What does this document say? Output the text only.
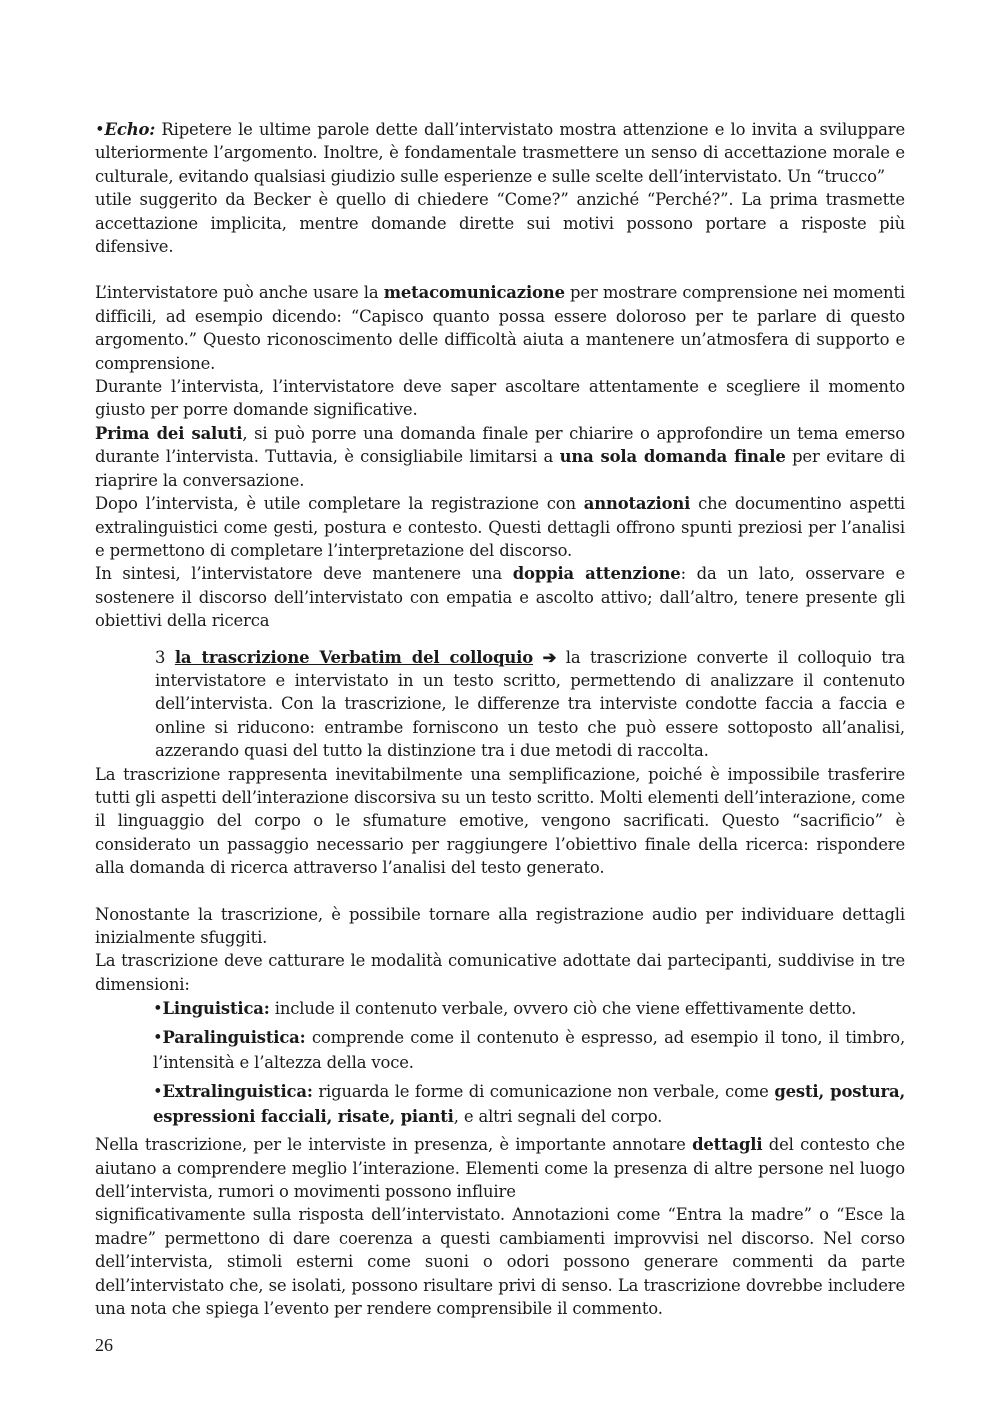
•Echo: Ripetere le ultime parole dette dall’intervistato mostra attenzione e lo invita a sviluppare ulteriormente l’argomento. Inoltre, è fondamentale trasmettere un senso di accettazione morale e culturale, evitando qualsiasi giudizio sulle esperienze e sulle scelte dell’intervistato. Un “trucco”

utile suggerito da Becker è quello di chiedere “Come?” anziché “Perché?”. La prima trasmette accettazione implicita, mentre domande dirette sui motivi possono portare a risposte più difensive.

L’intervistatore può anche usare la metacomunicazione per mostrare comprensione nei momenti difficili, ad esempio dicendo: “Capisco quanto possa essere doloroso per te parlare di questo argomento.” Questo riconoscimento delle difficoltà aiuta a mantenere un’atmosfera di supporto e comprensione.

Durante l’intervista, l’intervistatore deve saper ascoltare attentamente e scegliere il momento giusto per porre domande significative.

Prima dei saluti, si può porre una domanda finale per chiarire o approfondire un tema emerso durante l’intervista. Tuttavia, è consigliabile limitarsi a una sola domanda finale per evitare di riaprire la conversazione.

Dopo l’intervista, è utile completare la registrazione con annotazioni che documentino aspetti extralinguistici come gesti, postura e contesto. Questi dettagli offrono spunti preziosi per l’analisi e permettono di completare l’interpretazione del discorso.

In sintesi, l’intervistatore deve mantenere una doppia attenzione: da un lato, osservare e sostenere il discorso dell’intervistato con empatia e ascolto attivo; dall’altro, tenere presente gli obiettivi della ricerca

3 la trascrizione Verbatim del colloquio ➔ la trascrizione converte il colloquio tra intervistatore e intervistato in un testo scritto, permettendo di analizzare il contenuto dell’intervista. Con la trascrizione, le differenze tra interviste condotte faccia a faccia e online si riducono: entrambe forniscono un testo che può essere sottoposto all’analisi, azzerando quasi del tutto la distinzione tra i due metodi di raccolta.

La trascrizione rappresenta inevitabilmente una semplificazione, poiché è impossibile trasferire tutti gli aspetti dell’interazione discorsiva su un testo scritto. Molti elementi dell’interazione, come il linguaggio del corpo o le sfumature emotive, vengono sacrificati. Questo “sacrificio” è considerato un passaggio necessario per raggiungere l’obiettivo finale della ricerca: rispondere alla domanda di ricerca attraverso l’analisi del testo generato.

Nonostante la trascrizione, è possibile tornare alla registrazione audio per individuare dettagli inizialmente sfuggiti.

La trascrizione deve catturare le modalità comunicative adottate dai partecipanti, suddivise in tre dimensioni:

•Linguistica: include il contenuto verbale, ovvero ciò che viene effettivamente detto.

•Paralinguistica: comprende come il contenuto è espresso, ad esempio il tono, il timbro, l’intensità e l’altezza della voce.

•Extralinguistica: riguarda le forme di comunicazione non verbale, come gesti, postura, espressioni facciali, risate, pianti, e altri segnali del corpo.

Nella trascrizione, per le interviste in presenza, è importante annotare dettagli del contesto che aiutano a comprendere meglio l’interazione. Elementi come la presenza di altre persone nel luogo dell’intervista, rumori o movimenti possono influire

significativamente sulla risposta dell’intervistato. Annotazioni come “Entra la madre” o “Esce la madre” permettono di dare coerenza a questi cambiamenti improvvisi nel discorso. Nel corso dell’intervista, stimoli esterni come suoni o odori possono generare commenti da parte dell’intervistato che, se isolati, possono risultare privi di senso. La trascrizione dovrebbe includere una nota che spiega l’evento per rendere comprensibile il commento.

26
